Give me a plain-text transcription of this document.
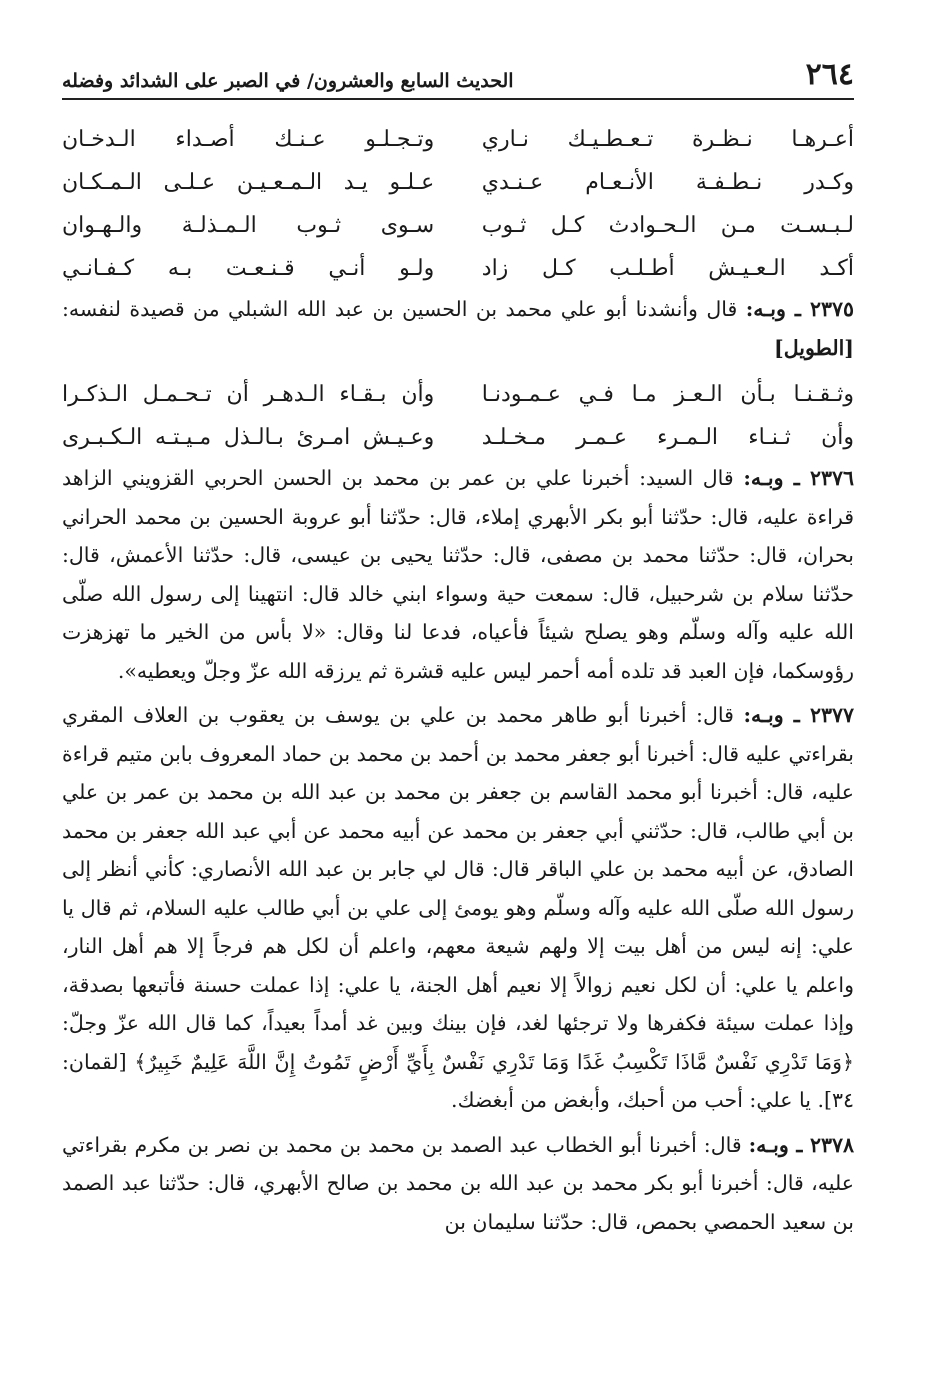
٢٦٤
الحديث السابع والعشرون/ في الصبر على الشدائد وفضله
أعـرهـا نـظـرة تـعـطـيـك نـاري
وتـجـلـو عـنـك أصـداء الـدخـان
وكـدر نـطـفـة الأنـعـام عـنـدي
عـلـو يـد الـمـعـيـن عـلـى الـمـكـان
لـبـسـت مـن الـحـوادث كـل ثـوب
سـوى ثـوب الـمـذلـة والـهـوان
أكـد الـعـيـش أطـلـب كـل زاد
ولـو أنـي قـنـعـت بـه كـفـانـي

٢٣٧٥ ـ وبـه: قال وأنشدنا أبو علي محمد بن الحسين بن عبد الله الشبلي من قصيدة لنفسه: [الطويل]

وثـقـنـا بـأن الـعـز مـا فـي عـمـودنـا
وأن بـقـاء الـدهـر أن تـحـمـل الـذكـرا
وأن ثـنـاء الـمـرء عـمـر مـخـلـد
وعـيـش امـرئ بـالـذل مـيـتـه الـكـبـرى

٢٣٧٦ ـ وبـه: قال السيد: أخبرنا علي بن عمر بن محمد بن الحسن الحربي القزويني الزاهد قراءة عليه، قال: حدّثنا أبو بكر الأبهري إملاء، قال: حدّثنا أبو عروبة الحسين بن محمد الحراني بحران، قال: حدّثنا محمد بن مصفى، قال: حدّثنا يحيى بن عيسى، قال: حدّثنا الأعمش، قال: حدّثنا سلام بن شرحبيل، قال: سمعت حية وسواء ابني خالد قال: انتهينا إلى رسول الله صلّى الله عليه وآله وسلّم وهو يصلح شيئاً فأعياه، فدعا لنا وقال: «لا بأس من الخير ما تهزهزت رؤوسكما، فإن العبد قد تلده أمه أحمر ليس عليه قشرة ثم يرزقه الله عزّ وجلّ ويعطيه».

٢٣٧٧ ـ وبـه: قال: أخبرنا أبو طاهر محمد بن علي بن يوسف بن يعقوب بن العلاف المقري بقراءتي عليه قال: أخبرنا أبو جعفر محمد بن أحمد بن محمد بن حماد المعروف بابن متيم قراءة عليه، قال: أخبرنا أبو محمد القاسم بن جعفر بن محمد بن عبد الله بن محمد بن عمر بن علي بن أبي طالب، قال: حدّثني أبي جعفر بن محمد عن أبيه محمد عن أبي عبد الله جعفر بن محمد الصادق، عن أبيه محمد بن علي الباقر قال: قال لي جابر بن عبد الله الأنصاري: كأني أنظر إلى رسول الله صلّى الله عليه وآله وسلّم وهو يومئ إلى علي بن أبي طالب عليه السلام، ثم قال يا علي: إنه ليس من أهل بيت إلا ولهم شيعة معهم، واعلم أن لكل هم فرجاً إلا هم أهل النار، واعلم يا علي: أن لكل نعيم زوالاً إلا نعيم أهل الجنة، يا علي: إذا عملت حسنة فأتبعها بصدقة، وإذا عملت سيئة فكفرها ولا ترجئها لغد، فإن بينك وبين غد أمداً بعيداً، كما قال الله عزّ وجلّ: ﴿وَمَا تَدْرِي نَفْسٌ مَّاذَا تَكْسِبُ غَدًا وَمَا تَدْرِي نَفْسٌ بِأَيِّ أَرْضٍ تَمُوتُ إِنَّ اللَّهَ عَلِيمٌ خَبِيرٌ﴾ [لقمان: ٣٤]. يا علي: أحب من أحبك، وأبغض من أبغضك.

٢٣٧٨ ـ وبـه: قال: أخبرنا أبو الخطاب عبد الصمد بن محمد بن محمد بن نصر بن مكرم بقراءتي عليه، قال: أخبرنا أبو بكر محمد بن عبد الله بن محمد بن صالح الأبهري، قال: حدّثنا عبد الصمد بن سعيد الحمصي بحمص، قال: حدّثنا سليمان بن
